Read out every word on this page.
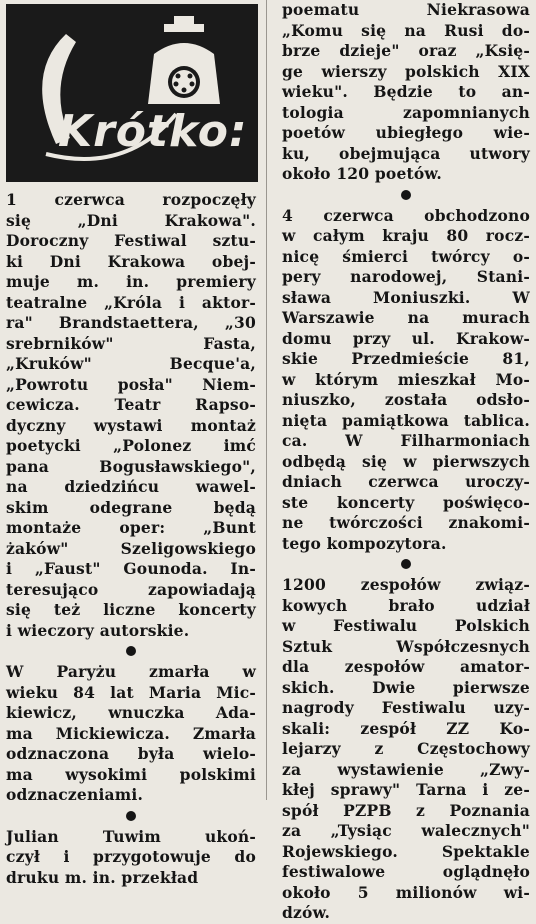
Krótko:
1 czerwca rozpoczęły
się „Dni Krakowa".
Doroczny Festiwal sztu-
ki Dni Krakowa obej-
muje m. in. premiery
teatralne „Króla i aktor-
ra" Brandstaettera, „30
srebrników" Fasta,
„Kruków" Becque'a,
„Powrotu posła" Niem-
cewicza. Teatr Rapso-
dyczny wystawi montaż
poetycki „Polonez imć
pana Bogusławskiego",
na dziedzińcu wawel-
skim odegrane będą
montaże oper: „Bunt
żaków" Szeligowskiego
i „Faust" Gounoda. In-
teresująco zapowiadają
się też liczne koncerty
i wieczory autorskie.
W Paryżu zmarła w
wieku 84 lat Maria Mic-
kiewicz, wnuczka Ada-
ma Mickiewicza. Zmarła
odznaczona była wielo-
ma wysokimi polskimi
odznaczeniami.
Julian Tuwim ukoń-
czył i przygotowuje do
druku m. in. przekład
poematu Niekrasowa
„Komu się na Rusi do-
brze dzieje" oraz „Księ-
ge wierszy polskich XIX
wieku". Będzie to an-
tologia zapomnianych
poetów ubiegłego wie-
ku, obejmująca utwory
około 120 poetów.
4 czerwca obchodzono
w całym kraju 80 rocz-
nicę śmierci twórcy o-
pery narodowej, Stani-
sława Moniuszki. W
Warszawie na murach
domu przy ul. Krakow-
skie Przedmieście 81,
w którym mieszkał Mo-
niuszko, została odsło-
nięta pamiątkowa tablica.
ca. W Filharmoniach
odbędą się w pierwszych
dniach czerwca uroczy-
ste koncerty poświęco-
ne twórczości znakomi-
tego kompozytora.
1200 zespołów związ-
kowych brało udział
w Festiwalu Polskich
Sztuk Współczesnych
dla zespołów amator-
skich. Dwie pierwsze
nagrody Festiwalu uzy-
skali: zespół ZZ Ko-
lejarzy z Częstochowy
za wystawienie „Zwy-
kłej sprawy" Tarna i ze-
spół PZPB z Poznania
za „Tysiąc walecznych"
Rojewskiego. Spektakle
festiwalowe oglądnęło
około 5 milionów wi-
dzów.
